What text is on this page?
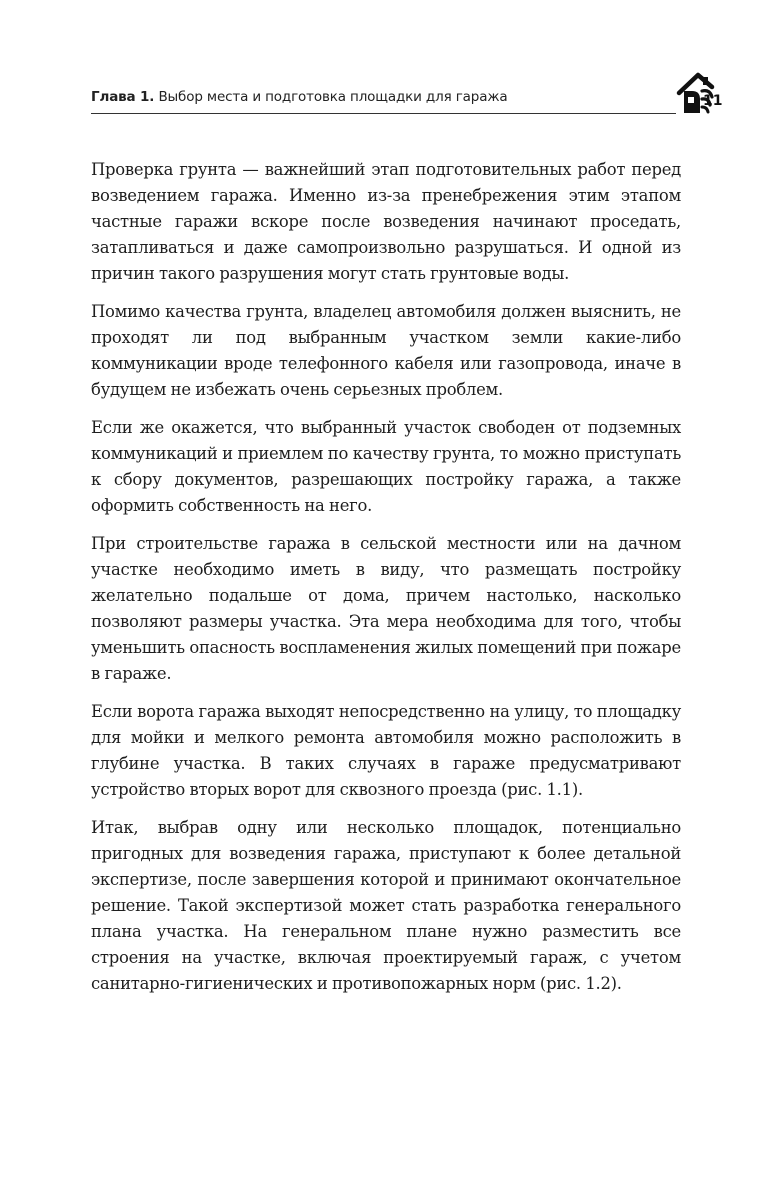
Глава 1. Выбор места и подготовка площадки для гаража	11

Проверка грунта — важнейший этап подготовительных работ перед возведением гаража. Именно из-за пренебрежения этим этапом частные гаражи вскоре после возведения начинают проседать, затапливаться и даже самопроизвольно разрушаться. И одной из причин такого разрушения могут стать грунтовые воды.

Помимо качества грунта, владелец автомобиля должен выяснить, не проходят ли под выбранным участком земли какие-либо коммуникации вроде телефонного кабеля или газопровода, иначе в будущем не избежать очень серьезных проблем.

Если же окажется, что выбранный участок свободен от подземных коммуникаций и приемлем по качеству грунта, то можно приступать к сбору документов, разрешающих постройку гаража, а также оформить собственность на него.

При строительстве гаража в сельской местности или на дачном участке необходимо иметь в виду, что размещать постройку желательно подальше от дома, причем настолько, насколько позволяют размеры участка. Эта мера необходима для того, чтобы уменьшить опасность воспламенения жилых помещений при пожаре в гараже.

Если ворота гаража выходят непосредственно на улицу, то площадку для мойки и мелкого ремонта автомобиля можно расположить в глубине участка. В таких случаях в гараже предусматривают устройство вторых ворот для сквозного проезда (рис. 1.1).

Итак, выбрав одну или несколько площадок, потенциально пригодных для возведения гаража, приступают к более детальной экспертизе, после завершения которой и принимают окончательное решение. Такой экспертизой может стать разработка генерального плана участка. На генеральном плане нужно разместить все строения на участке, включая проектируемый гараж, с учетом санитарно-гигиенических и противопожарных норм (рис. 1.2).
